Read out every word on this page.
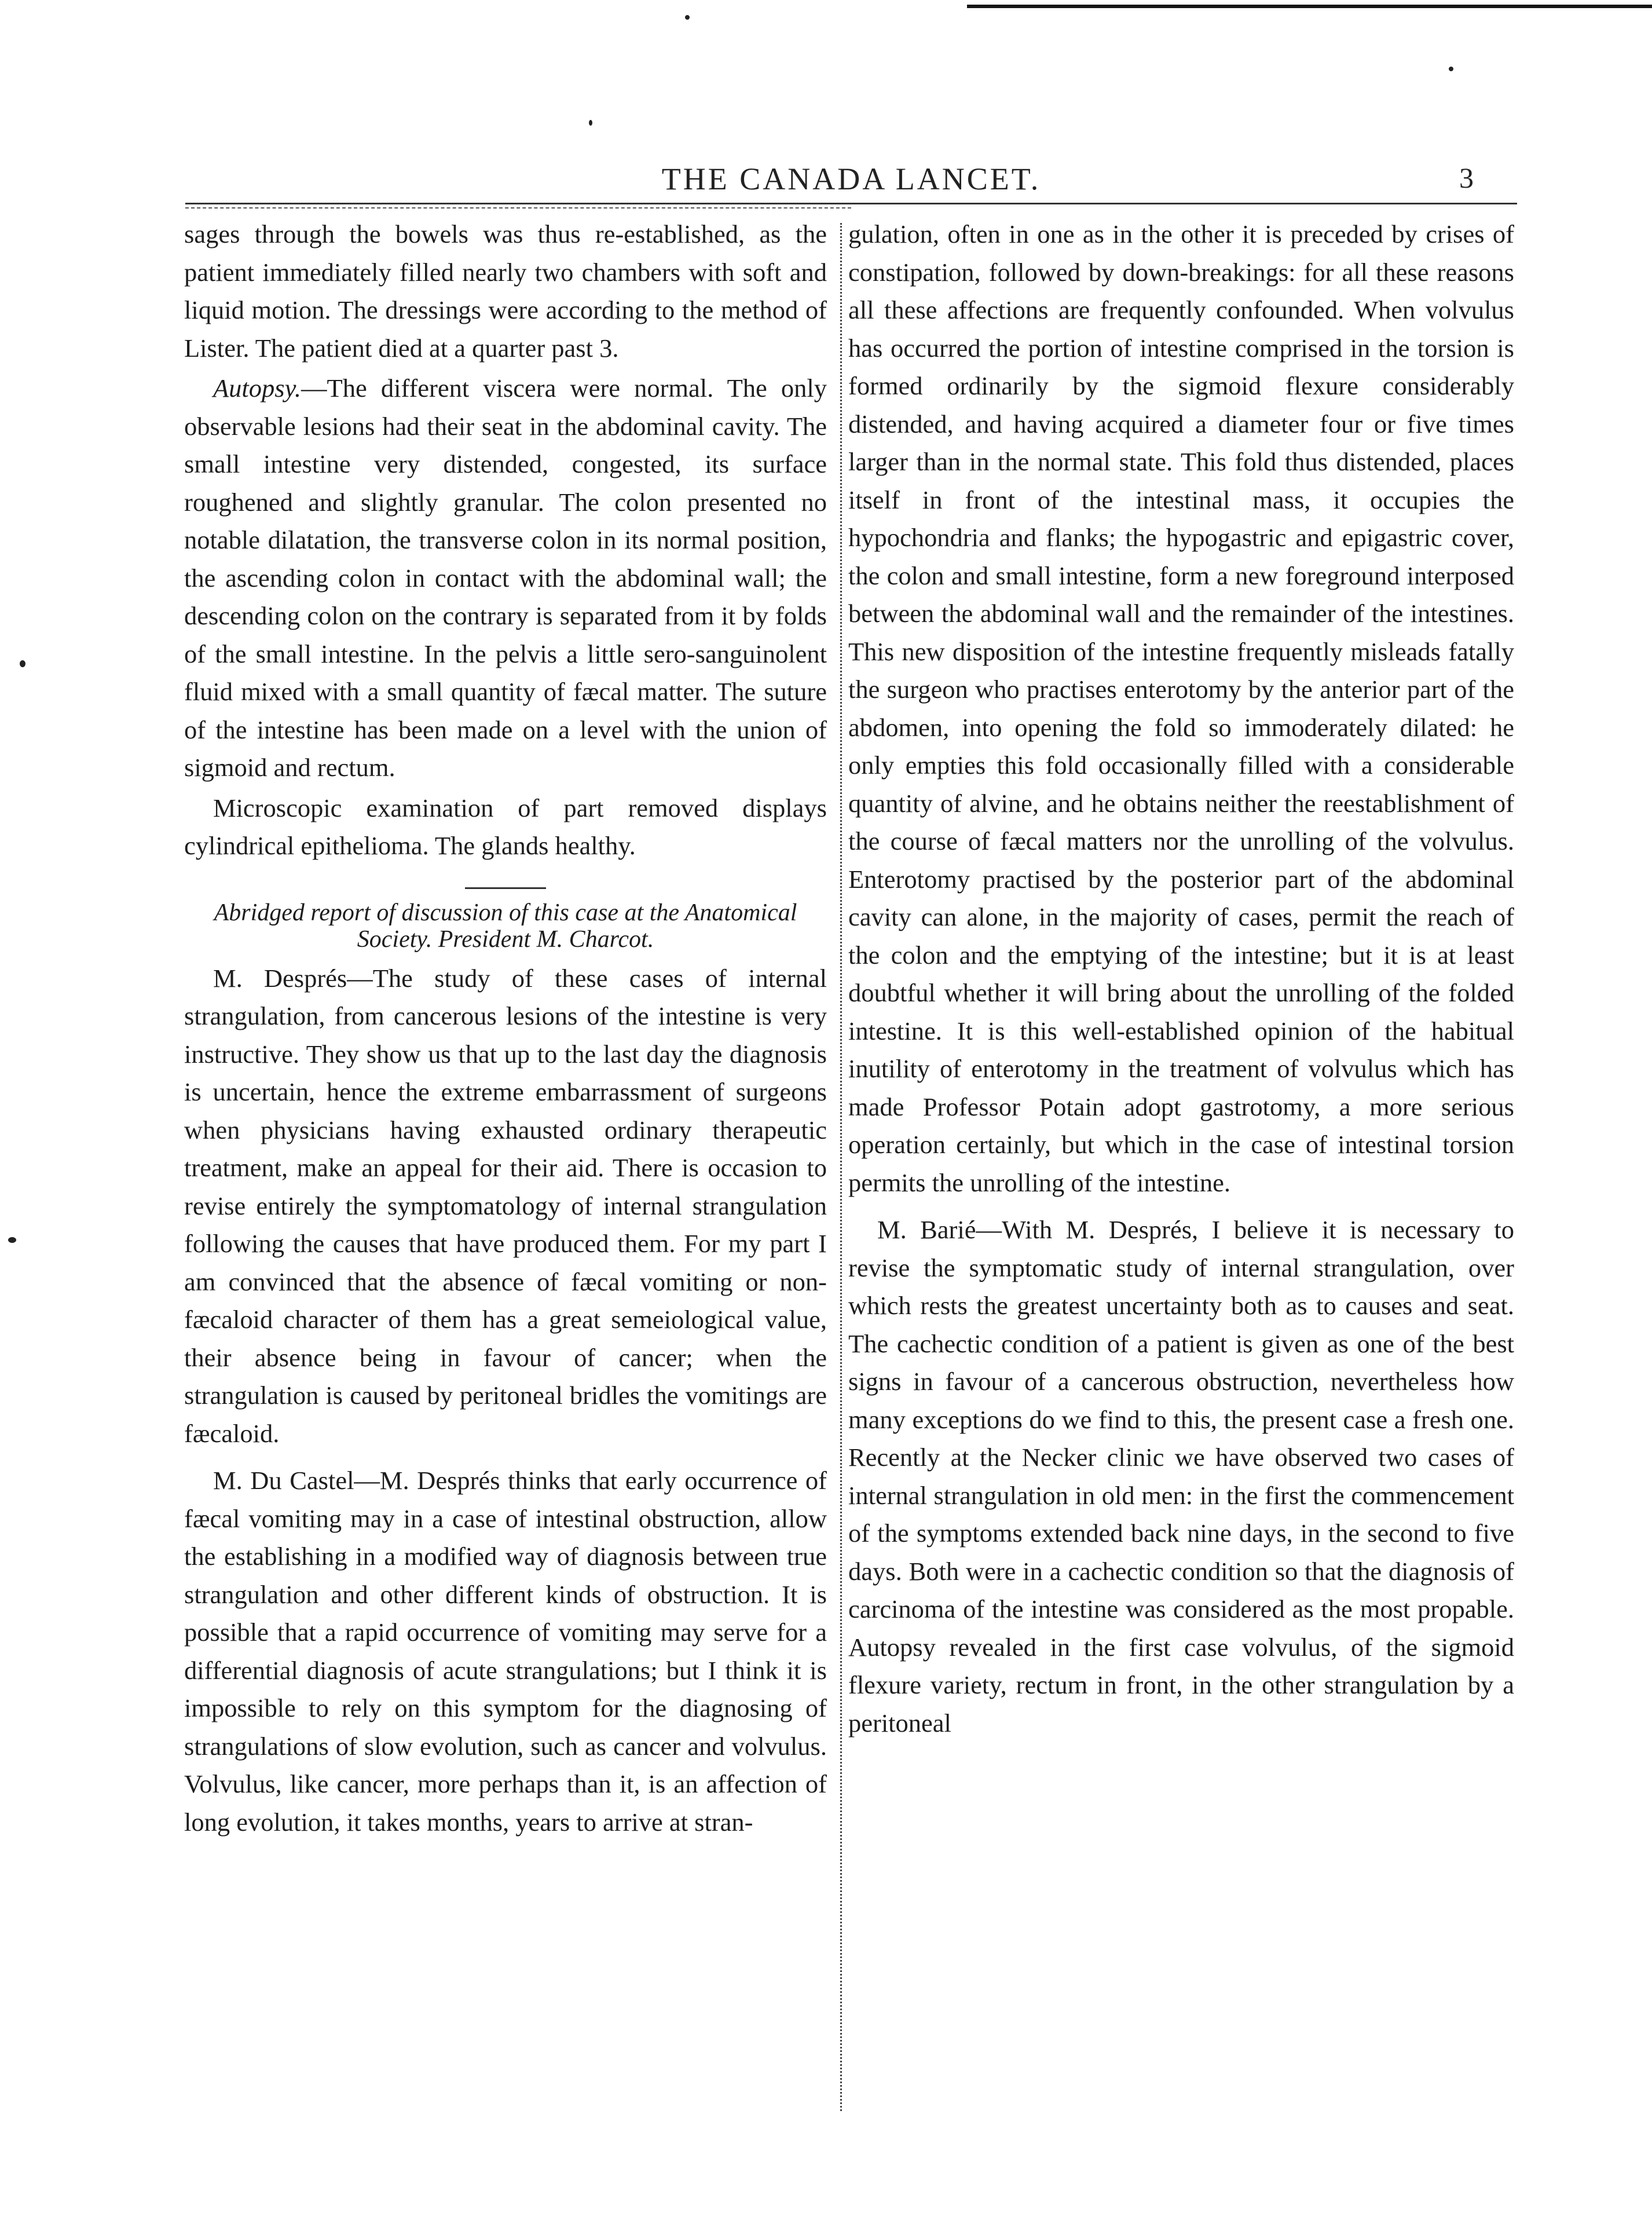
THE CANADA LANCET.	3

sages through the bowels was thus re-established, as the patient immediately filled nearly two chambers with soft and liquid motion. The dressings were according to the method of Lister. The patient died at a quarter past 3.

Autopsy.—The different viscera were normal. The only observable lesions had their seat in the abdominal cavity. The small intestine very distended, congested, its surface roughened and slightly granular. The colon presented no notable dilatation, the transverse colon in its normal position, the ascending colon in contact with the abdominal wall; the descending colon on the contrary is separated from it by folds of the small intestine. In the pelvis a little sero-sanguinolent fluid mixed with a small quantity of fæcal matter. The suture of the intestine has been made on a level with the union of sigmoid and rectum.

Microscopic examination of part removed displays cylindrical epithelioma. The glands healthy.

Abridged report of discussion of this case at the Anatomical Society. President M. Charcot.

M. Després—The study of these cases of internal strangulation, from cancerous lesions of the intestine is very instructive. They show us that up to the last day the diagnosis is uncertain, hence the extreme embarrassment of surgeons when physicians having exhausted ordinary therapeutic treatment, make an appeal for their aid. There is occasion to revise entirely the symptomatology of internal strangulation following the causes that have produced them. For my part I am convinced that the absence of fæcal vomiting or non-fæcaloid character of them has a great semeiological value, their absence being in favour of cancer; when the strangulation is caused by peritoneal bridles the vomitings are fæcaloid.

M. Du Castel—M. Després thinks that early occurrence of fæcal vomiting may in a case of intestinal obstruction, allow the establishing in a modified way of diagnosis between true strangulation and other different kinds of obstruction. It is possible that a rapid occurrence of vomiting may serve for a differential diagnosis of acute strangulations; but I think it is impossible to rely on this symptom for the diagnosing of strangulations of slow evolution, such as cancer and volvulus. Volvulus, like cancer, more perhaps than it, is an affection of long evolution, it takes months, years to arrive at stran-

gulation, often in one as in the other it is preceded by crises of constipation, followed by down-breakings: for all these reasons all these affections are frequently confounded. When volvulus has occurred the portion of intestine comprised in the torsion is formed ordinarily by the sigmoid flexure considerably distended, and having acquired a diameter four or five times larger than in the normal state. This fold thus distended, places itself in front of the intestinal mass, it occupies the hypochondria and flanks; the hypogastric and epigastric cover, the colon and small intestine, form a new foreground interposed between the abdominal wall and the remainder of the intestines. This new disposition of the intestine frequently misleads fatally the surgeon who practises enterotomy by the anterior part of the abdomen, into opening the fold so immoderately dilated: he only empties this fold occasionally filled with a considerable quantity of alvine, and he obtains neither the reestablishment of the course of fæcal matters nor the unrolling of the volvulus. Enterotomy practised by the posterior part of the abdominal cavity can alone, in the majority of cases, permit the reach of the colon and the emptying of the intestine; but it is at least doubtful whether it will bring about the unrolling of the folded intestine. It is this well-established opinion of the habitual inutility of enterotomy in the treatment of volvulus which has made Professor Potain adopt gastrotomy, a more serious operation certainly, but which in the case of intestinal torsion permits the unrolling of the intestine.

M. Barié—With M. Després, I believe it is necessary to revise the symptomatic study of internal strangulation, over which rests the greatest uncertainty both as to causes and seat. The cachectic condition of a patient is given as one of the best signs in favour of a cancerous obstruction, nevertheless how many exceptions do we find to this, the present case a fresh one. Recently at the Necker clinic we have observed two cases of internal strangulation in old men: in the first the commencement of the symptoms extended back nine days, in the second to five days. Both were in a cachectic condition so that the diagnosis of carcinoma of the intestine was considered as the most propable. Autopsy revealed in the first case volvulus, of the sigmoid flexure variety, rectum in front, in the other strangulation by a peritoneal
